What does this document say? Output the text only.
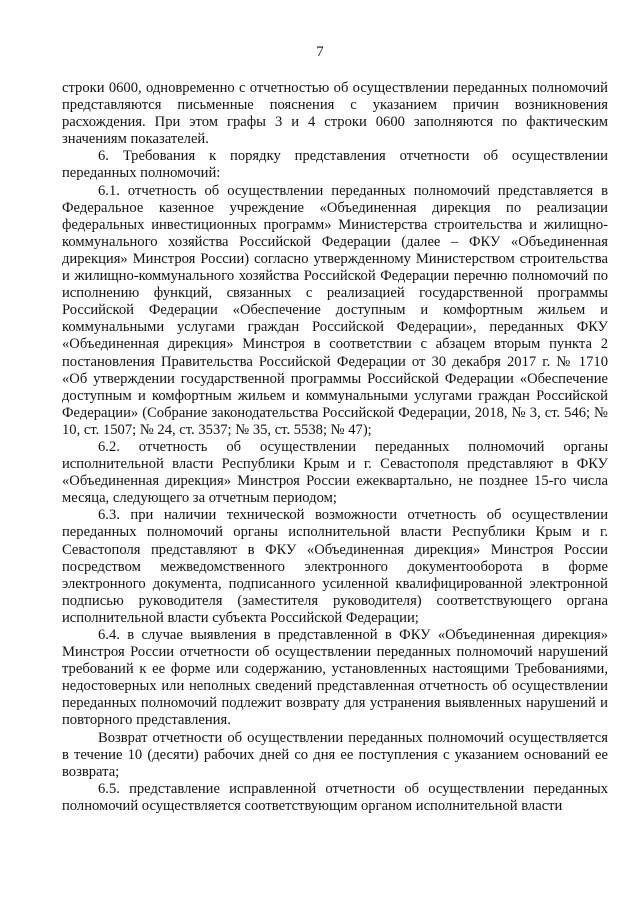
7

строки 0600, одновременно с отчетностью об осуществлении переданных полномочий представляются письменные пояснения с указанием причин возникновения расхождения. При этом графы 3 и 4 строки 0600 заполняются по фактическим значениям показателей.

6. Требования к порядку представления отчетности об осуществлении переданных полномочий:

6.1. отчетность об осуществлении переданных полномочий представляется в Федеральное казенное учреждение «Объединенная дирекция по реализации федеральных инвестиционных программ» Министерства строительства и жилищно-коммунального хозяйства Российской Федерации (далее – ФКУ «Объединенная дирекция» Минстроя России) согласно утвержденному Министерством строительства и жилищно-коммунального хозяйства Российской Федерации перечню полномочий по исполнению функций, связанных с реализацией государственной программы Российской Федерации «Обеспечение доступным и комфортным жильем и коммунальными услугами граждан Российской Федерации», переданных ФКУ «Объединенная дирекция» Минстроя в соответствии с абзацем вторым пункта 2 постановления Правительства Российской Федерации от 30 декабря 2017 г. № 1710 «Об утверждении государственной программы Российской Федерации «Обеспечение доступным и комфортным жильем и коммунальными услугами граждан Российской Федерации» (Собрание законодательства Российской Федерации, 2018, № 3, ст. 546; № 10, ст. 1507; № 24, ст. 3537; № 35, ст. 5538; № 47);

6.2. отчетность об осуществлении переданных полномочий органы исполнительной власти Республики Крым и г. Севастополя представляют в ФКУ «Объединенная дирекция» Минстроя России ежеквартально, не позднее 15-го числа месяца, следующего за отчетным периодом;

6.3. при наличии технической возможности отчетность об осуществлении переданных полномочий органы исполнительной власти Республики Крым и г. Севастополя представляют в ФКУ «Объединенная дирекция» Минстроя России посредством межведомственного электронного документооборота в форме электронного документа, подписанного усиленной квалифицированной электронной подписью руководителя (заместителя руководителя) соответствующего органа исполнительной власти субъекта Российской Федерации;

6.4. в случае выявления в представленной в ФКУ «Объединенная дирекция» Минстроя России отчетности об осуществлении переданных полномочий нарушений требований к ее форме или содержанию, установленных настоящими Требованиями, недостоверных или неполных сведений представленная отчетность об осуществлении переданных полномочий подлежит возврату для устранения выявленных нарушений и повторного представления.

Возврат отчетности об осуществлении переданных полномочий осуществляется в течение 10 (десяти) рабочих дней со дня ее поступления с указанием оснований ее возврата;

6.5. представление исправленной отчетности об осуществлении переданных полномочий осуществляется соответствующим органом исполнительной власти
